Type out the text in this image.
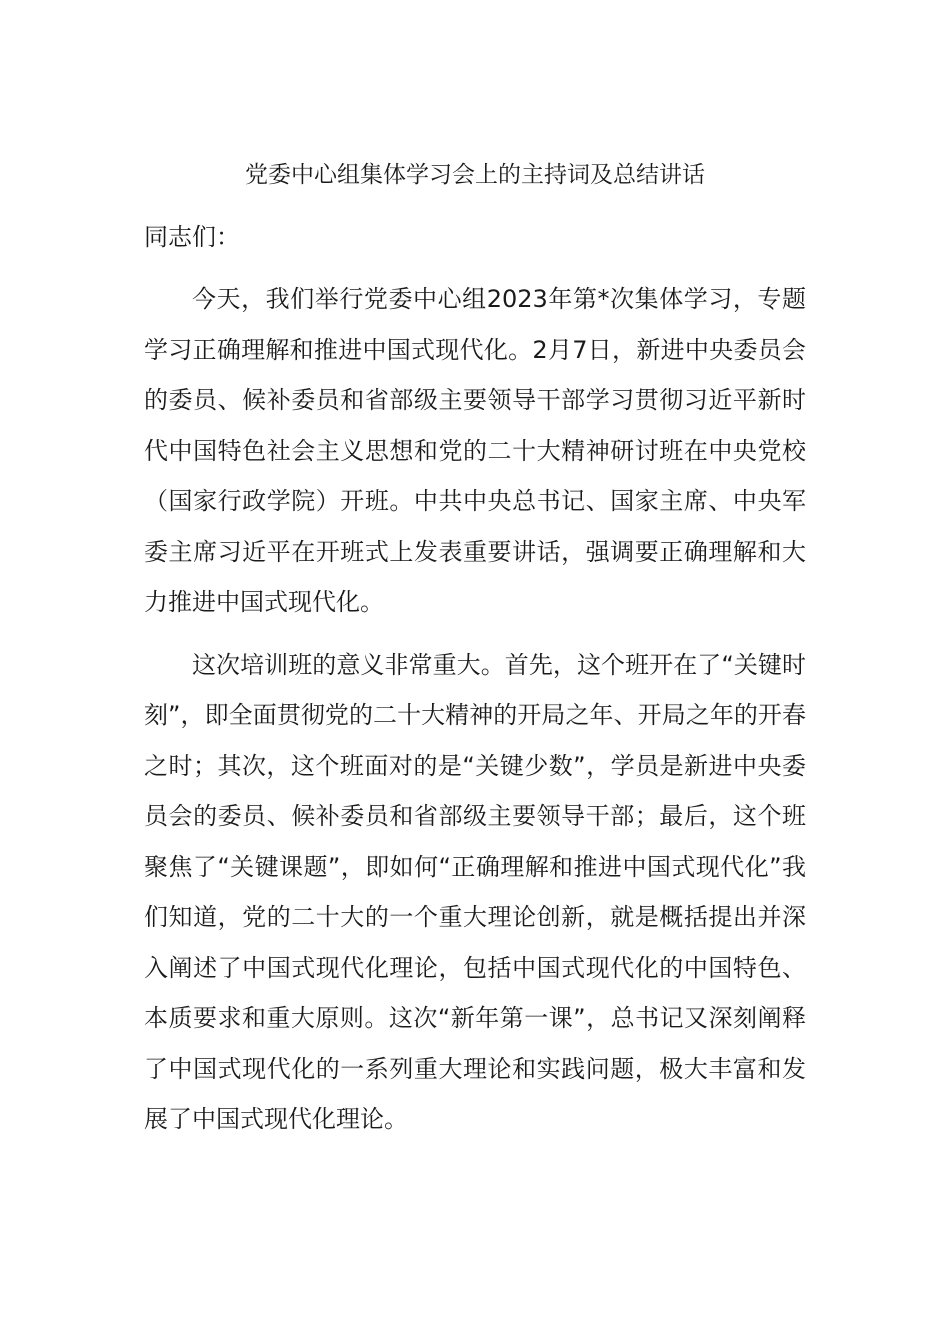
党委中心组集体学习会上的主持词及总结讲话

同志们：

今天，我们举行党委中心组2023年第*次集体学习，专题学习正确理解和推进中国式现代化。2月7日，新进中央委员会的委员、候补委员和省部级主要领导干部学习贯彻习近平新时代中国特色社会主义思想和党的二十大精神研讨班在中央党校（国家行政学院）开班。中共中央总书记、国家主席、中央军委主席习近平在开班式上发表重要讲话，强调要正确理解和大力推进中国式现代化。

这次培训班的意义非常重大。首先，这个班开在了“关键时刻”，即全面贯彻党的二十大精神的开局之年、开局之年的开春之时；其次，这个班面对的是“关键少数”，学员是新进中央委员会的委员、候补委员和省部级主要领导干部；最后，这个班聚焦了“关键课题”，即如何“正确理解和推进中国式现代化”我们知道，党的二十大的一个重大理论创新，就是概括提出并深入阐述了中国式现代化理论，包括中国式现代化的中国特色、本质要求和重大原则。这次“新年第一课”，总书记又深刻阐释了中国式现代化的一系列重大理论和实践问题，极大丰富和发展了中国式现代化理论。
